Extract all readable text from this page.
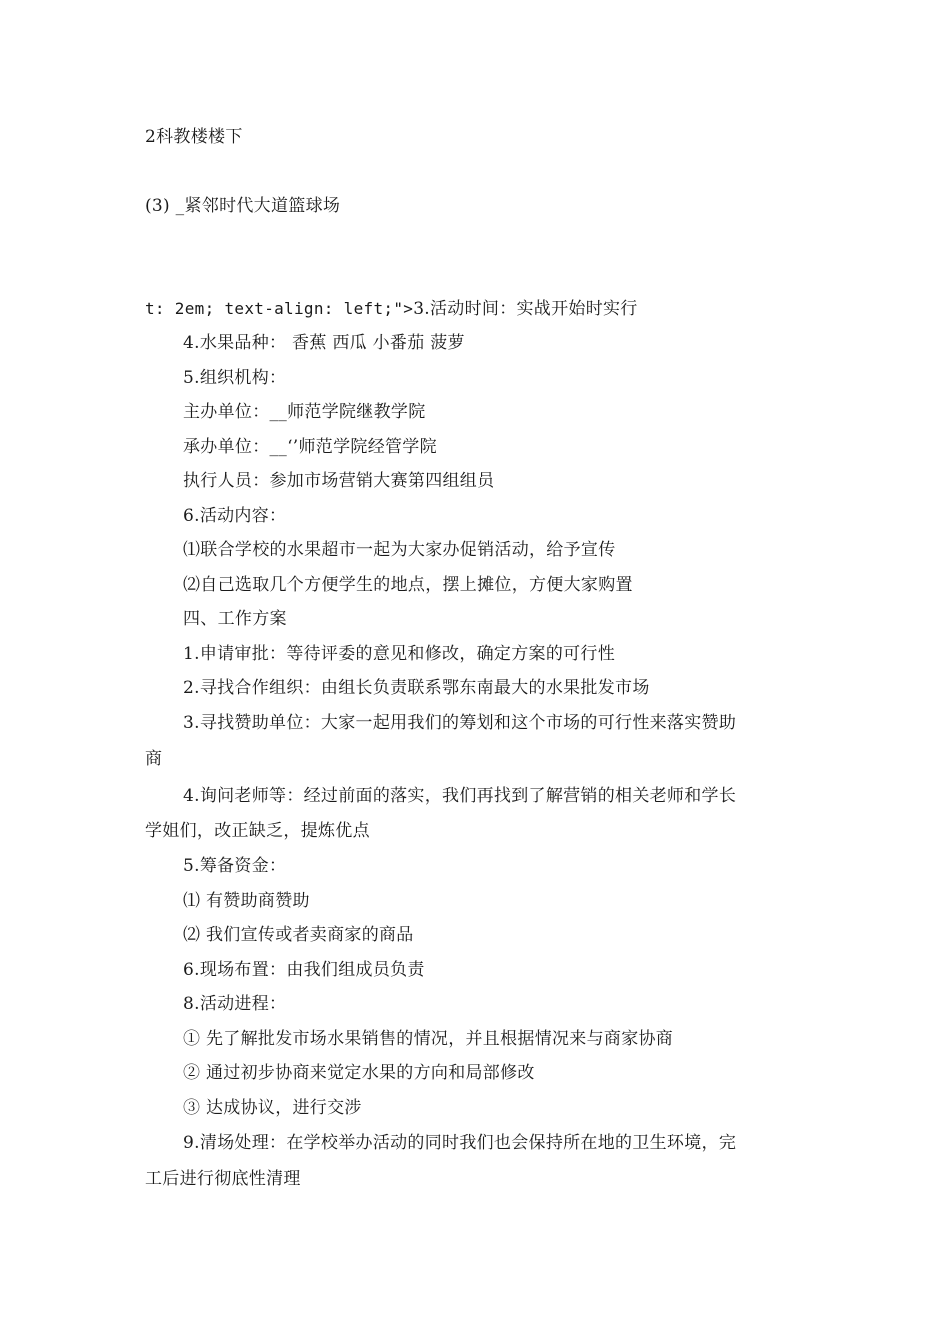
2科教楼楼下
(3) _紧邻时代大道篮球场
t: 2em; text-align: left;">3.活动时间：实战开始时实行
4.水果品种： 香蕉 西瓜 小番茄 菠萝
5.组织机构：
主办单位：__师范学院继教学院
承办单位：__‘’师范学院经管学院
执行人员：参加市场营销大赛第四组组员
6.活动内容：
⑴联合学校的水果超市一起为大家办促销活动，给予宣传
⑵自己选取几个方便学生的地点，摆上摊位，方便大家购置
四、工作方案
1.申请审批：等待评委的意见和修改，确定方案的可行性
2.寻找合作组织：由组长负责联系鄂东南最大的水果批发市场
3.寻找赞助单位：大家一起用我们的筹划和这个市场的可行性来落实赞助
商
4.询问老师等：经过前面的落实，我们再找到了解营销的相关老师和学长
学姐们，改正缺乏，提炼优点
5.筹备资金：
⑴ 有赞助商赞助
⑵ 我们宣传或者卖商家的商品
6.现场布置：由我们组成员负责
8.活动进程：
① 先了解批发市场水果销售的情况，并且根据情况来与商家协商
② 通过初步协商来觉定水果的方向和局部修改
③ 达成协议，进行交涉
9.清场处理：在学校举办活动的同时我们也会保持所在地的卫生环境，完
工后进行彻底性清理
